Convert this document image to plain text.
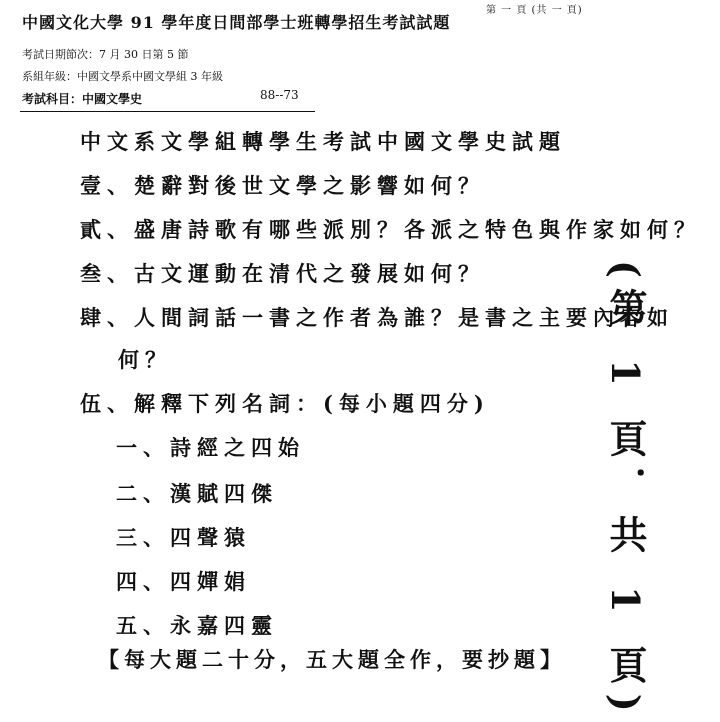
中國文化大學 91 學年度日間部學士班轉學招生考試試題
第 一 頁 (共 一 頁)
考試日期節次：7 月 30 日第 5 節
系組年級：中國文學系中國文學組 3 年級
考試科目：中國文學史	88--73
中文系文學組轉學生考試中國文學史試題
壹、楚辭對後世文學之影響如何？
貳、盛唐詩歌有哪些派別？各派之特色與作家如何？
叁、古文運動在清代之發展如何？
肆、人間詞話一書之作者為誰？是書之主要內容如
何？
伍、解釋下列名詞：(每小題四分)
一、詩經之四始
二、漢賦四傑
三、四聲猿
四、四嬋娟
五、永嘉四靈
【每大題二十分，五大題全作，要抄題】 (第 1 頁．共 1 頁)
